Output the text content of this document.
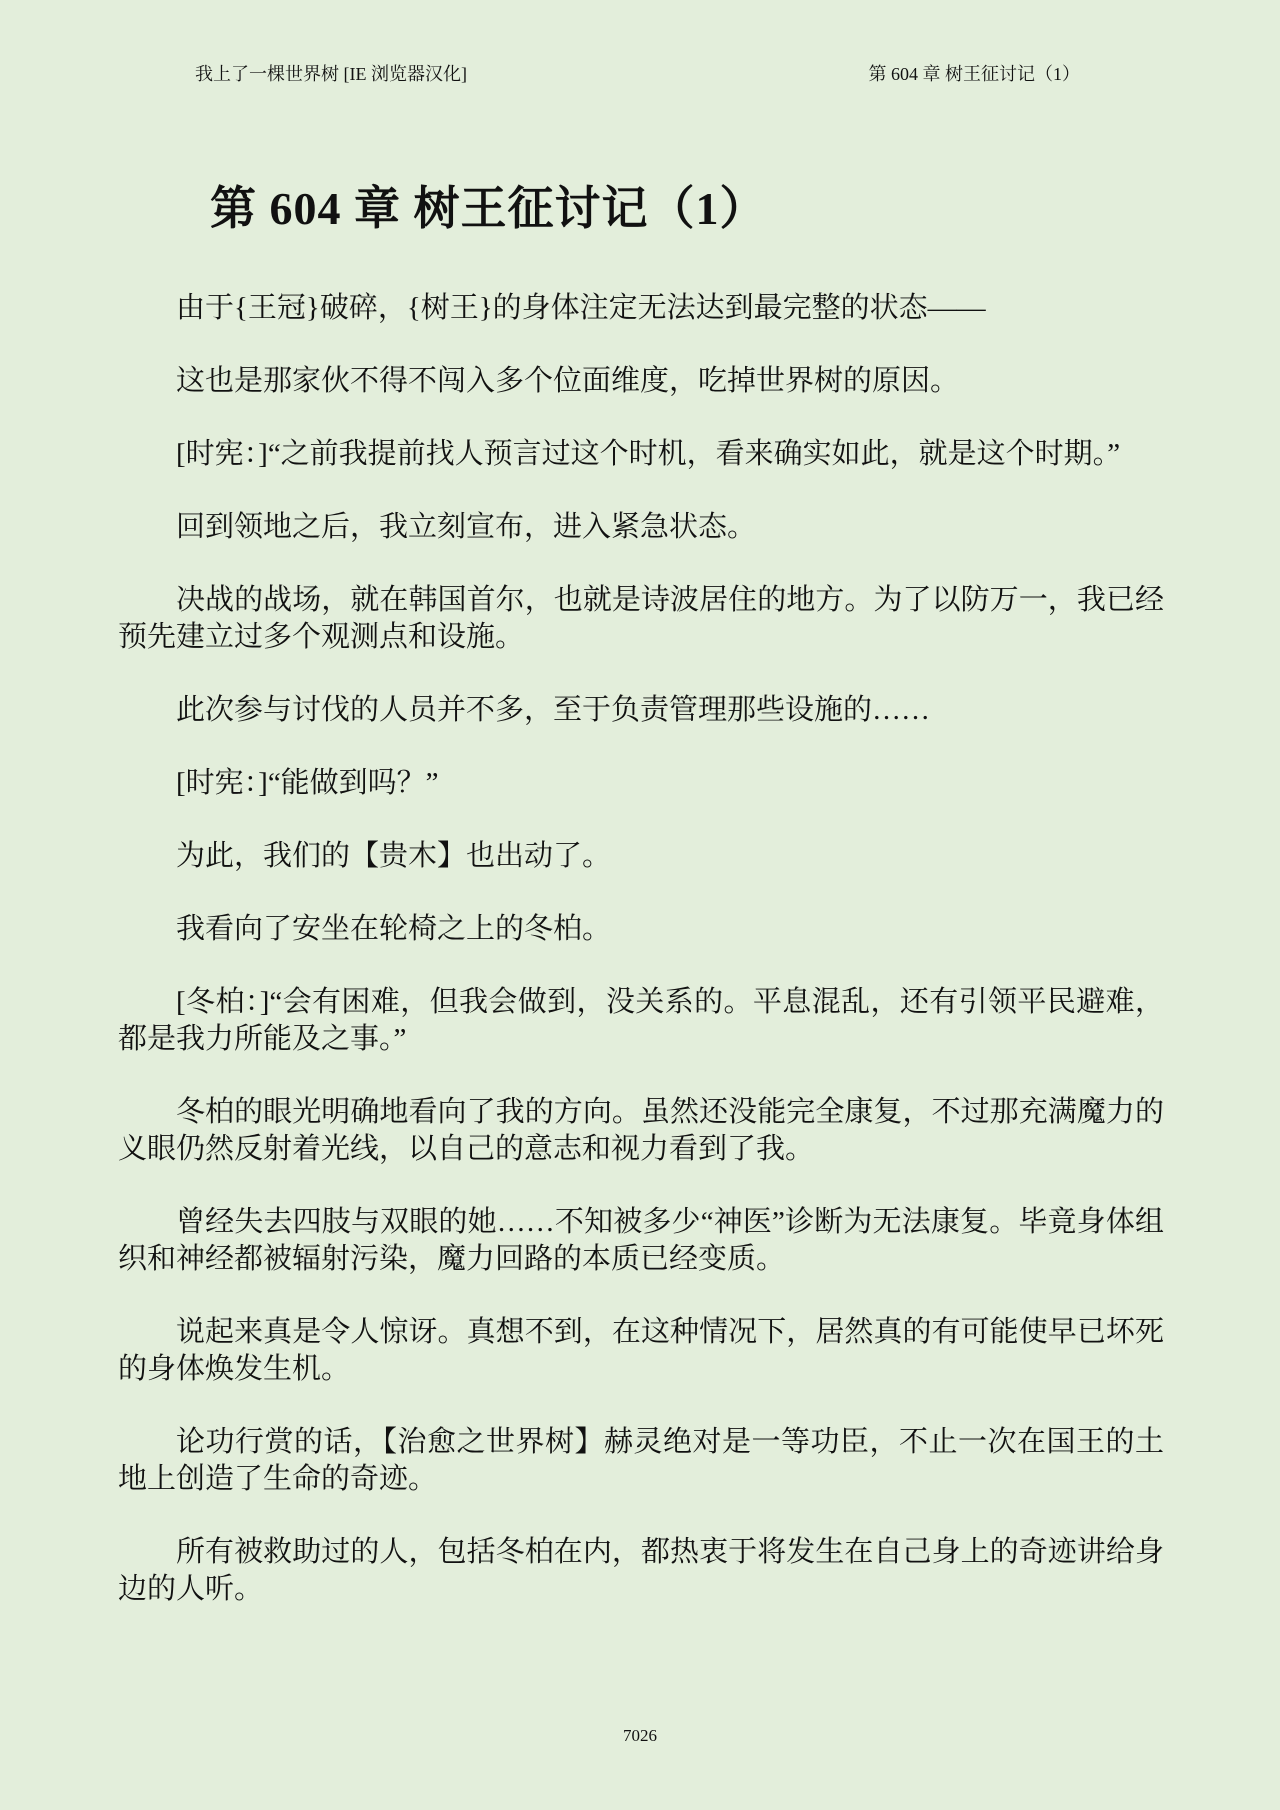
我上了一棵世界树 [IE 浏览器汉化]	第 604 章 树王征讨记（1）
第 604 章 树王征讨记（1）

由于{王冠}破碎，{树王}的身体注定无法达到最完整的状态——

这也是那家伙不得不闯入多个位面维度，吃掉世界树的原因。

[时宪：]“之前我提前找人预言过这个时机，看来确实如此，就是这个时期。”

回到领地之后，我立刻宣布，进入紧急状态。

决战的战场，就在韩国首尔，也就是诗波居住的地方。为了以防万一，我已经预先建立过多个观测点和设施。

此次参与讨伐的人员并不多，至于负责管理那些设施的……

[时宪：]“能做到吗？”

为此，我们的【贵木】也出动了。

我看向了安坐在轮椅之上的冬柏。

[冬柏：]“会有困难，但我会做到，没关系的。平息混乱，还有引领平民避难，都是我力所能及之事。”

冬柏的眼光明确地看向了我的方向。虽然还没能完全康复，不过那充满魔力的义眼仍然反射着光线，以自己的意志和视力看到了我。

曾经失去四肢与双眼的她……不知被多少“神医”诊断为无法康复。毕竟身体组织和神经都被辐射污染，魔力回路的本质已经变质。

说起来真是令人惊讶。真想不到，在这种情况下，居然真的有可能使早已坏死的身体焕发生机。

论功行赏的话，【治愈之世界树】赫灵绝对是一等功臣，不止一次在国王的土地上创造了生命的奇迹。

所有被救助过的人，包括冬柏在内，都热衷于将发生在自己身上的奇迹讲给身边的人听。

7026
